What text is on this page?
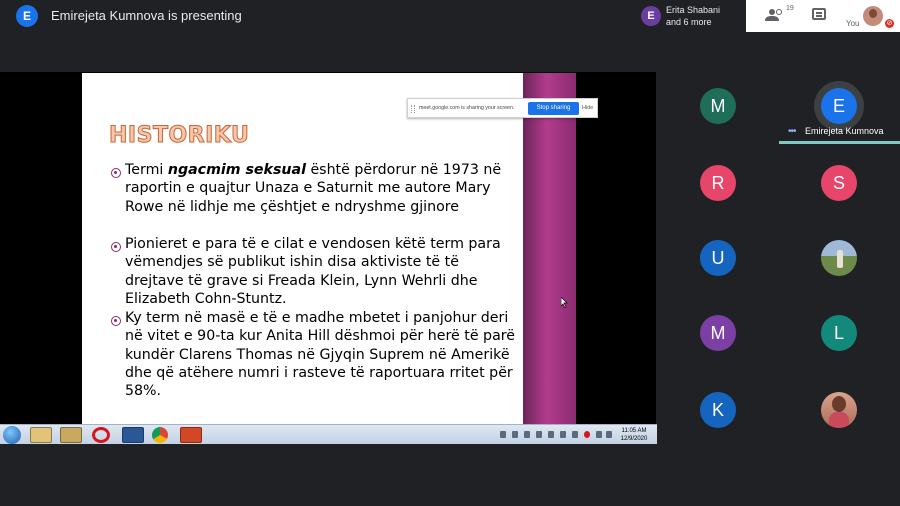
E	Emirejeta Kumnova is presenting	E	Erita Shabani
and 6 more
19
You	⊘
HISTORIKU
Termi ngacmim seksual është përdorur në 1973 në raportin e quajtur Unaza e Saturnit me autore Mary Rowe në lidhje me çështjet e ndryshme gjinore
Pionieret e para të e cilat e vendosen këtë term para vëmendjes së publikut ishin disa aktiviste të të drejtave të grave si Freada Klein, Lynn Wehrli dhe Elizabeth Cohn-Stuntz.
Ky term në masë e të e madhe mbetet i panjohur deri në vitet e 90-ta kur Anita Hill dëshmoi për herë të parë kundër Clarens Thomas në Gjyqin Suprem në Amerikë dhe që atëhere numri i rasteve të raportuara rritet për 58%.
meet.google.com is sharing your screen.	Stop sharing	Hide
11:05 AM
12/9/2020
M	E
••• Emirejeta Kumnova
R	S
U
M	L
K
